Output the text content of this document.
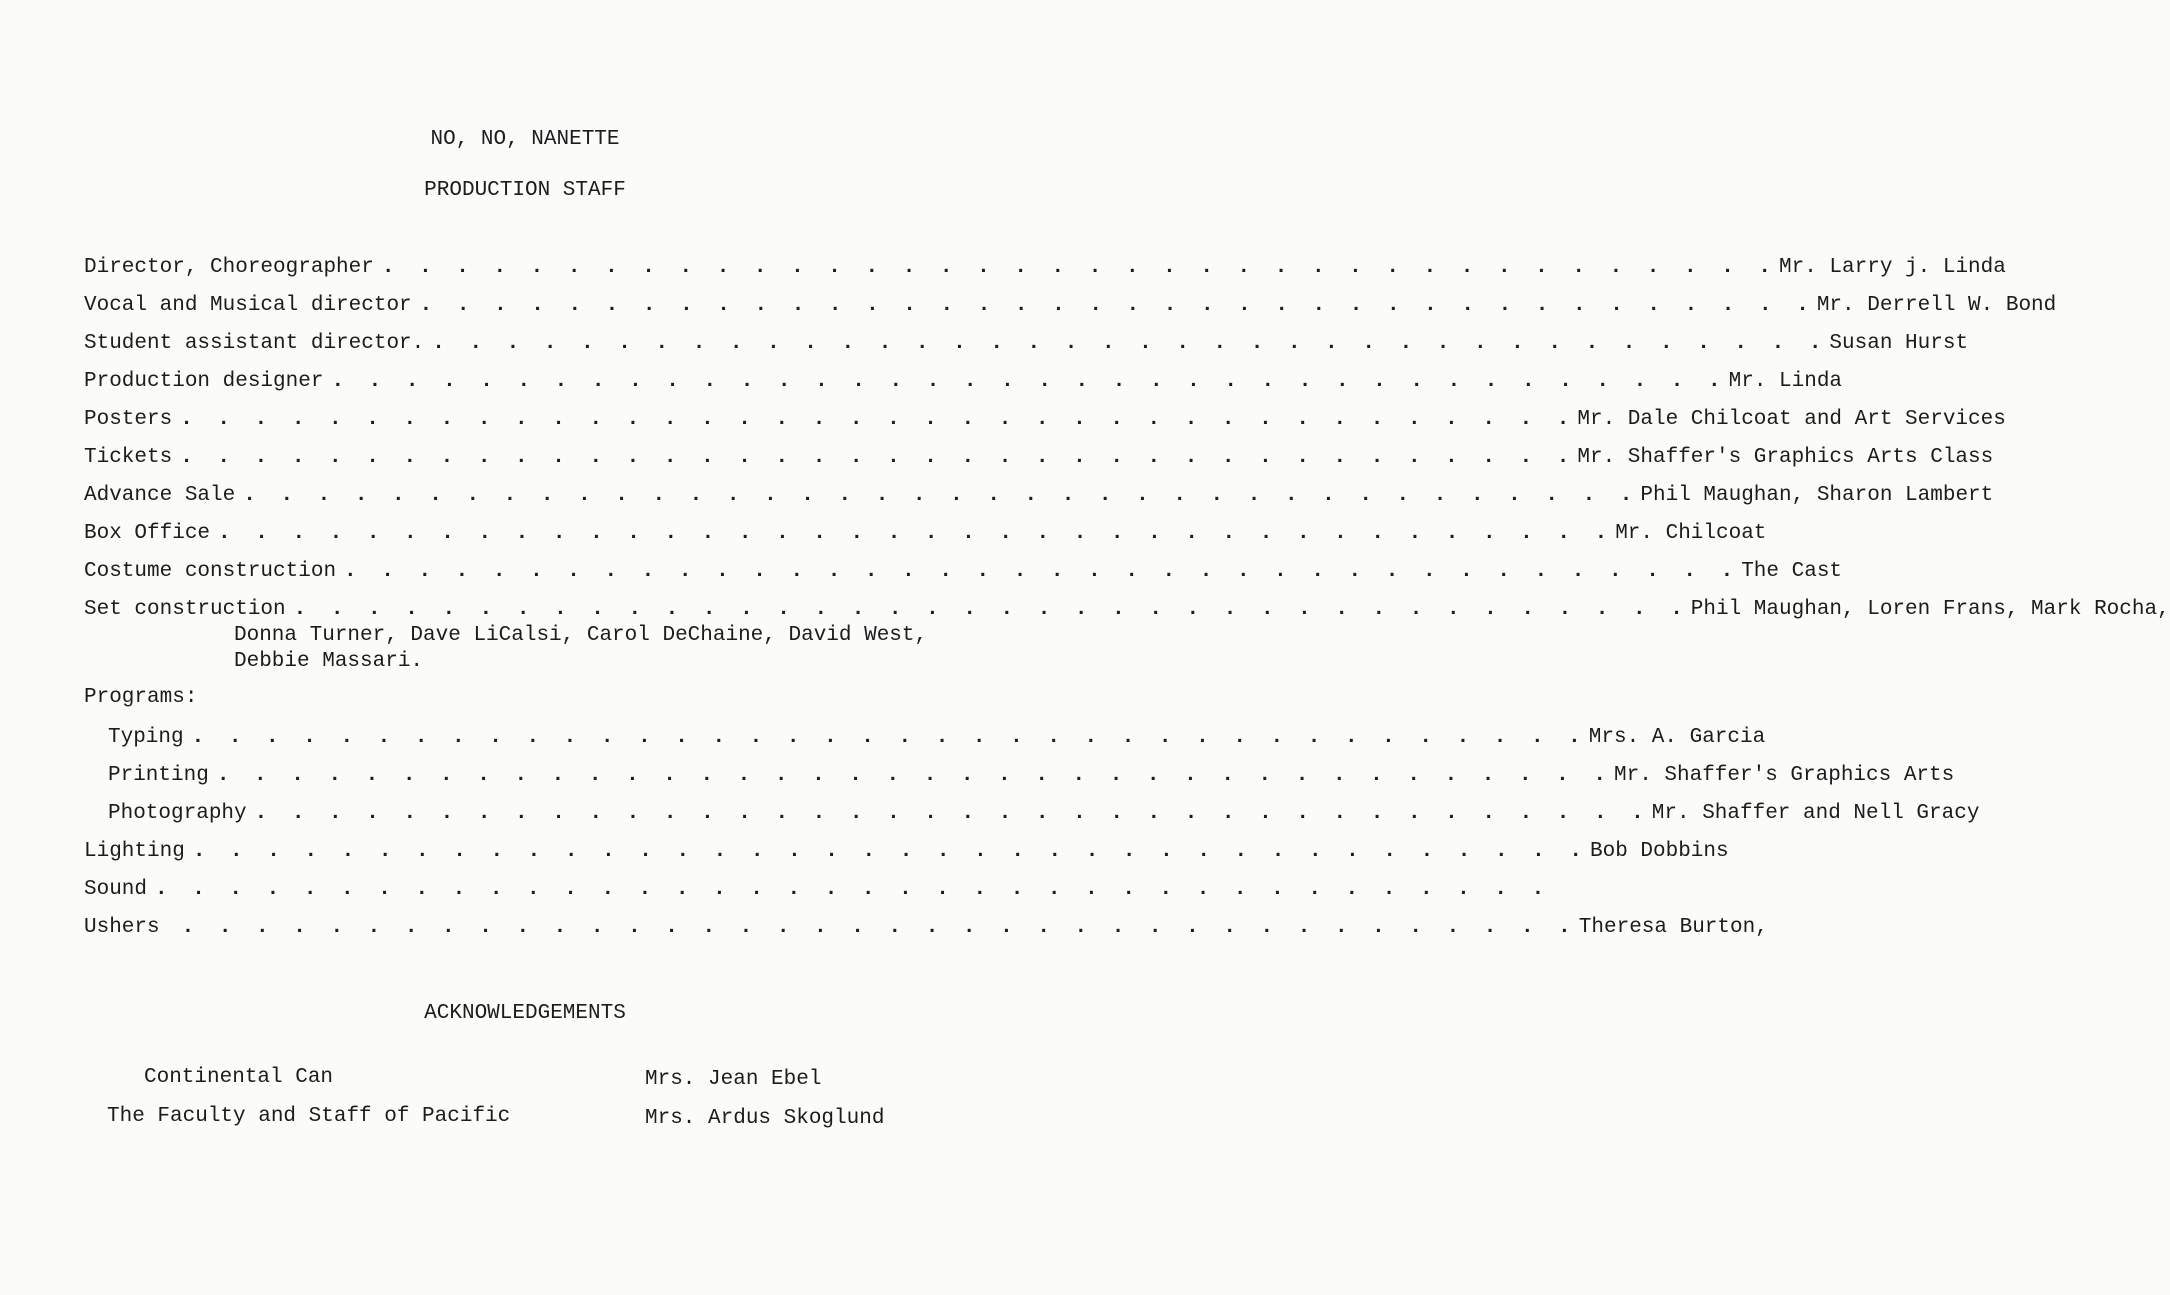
NO, NO, NANETTE
PRODUCTION STAFF
Director, Choreographer . . . . . . . . . . . . . . . . . . . . . . . . . . . . . . . . . . . . . . Mr. Larry j. Linda
Vocal and Musical director . . . . . . . . . . . . . . . . . . . . . . . . . . . . . . . . . . . . . . Mr. Derrell W. Bond
Student assistant director. . . . . . . . . . . . . . . . . . . . . . . . . . . . . . . . . . . . . . . Susan Hurst
Production designer . . . . . . . . . . . . . . . . . . . . . . . . . . . . . . . . . . . . . . Mr. Linda
Posters . . . . . . . . . . . . . . . . . . . . . . . . . . . . . . . . . . . . . . Mr. Dale Chilcoat and Art Services
Tickets . . . . . . . . . . . . . . . . . . . . . . . . . . . . . . . . . . . . . . Mr. Shaffer's Graphics Arts Class
Advance Sale . . . . . . . . . . . . . . . . . . . . . . . . . . . . . . . . . . . . . . Phil Maughan, Sharon Lambert
Box Office . . . . . . . . . . . . . . . . . . . . . . . . . . . . . . . . . . . . . . Mr. Chilcoat
Costume construction . . . . . . . . . . . . . . . . . . . . . . . . . . . . . . . . . . . . . . The Cast
Set construction . . . . . . . . . . . . . . . . . . . . . . . . . . . . . . . . . . . . . . Phil Maughan, Loren Frans, Mark Rocha,
Donna Turner, Dave LiCalsi, Carol DeChaine, David West,
Debbie Massari.
Programs:
Typing . . . . . . . . . . . . . . . . . . . . . . . . . . . . . . . . . . . . . . Mrs. A. Garcia
Printing . . . . . . . . . . . . . . . . . . . . . . . . . . . . . . . . . . . . . . Mr. Shaffer's Graphics Arts
Photography . . . . . . . . . . . . . . . . . . . . . . . . . . . . . . . . . . . . . . Mr. Shaffer and Nell Gracy
Lighting . . . . . . . . . . . . . . . . . . . . . . . . . . . . . . . . . . . . . . Bob Dobbins
Sound . . . . . . . . . . . . . . . . . . . . . . . . . . . . . . . . . . . . . .
Ushers	. . . . . . . . . . . . . . . . . . . . . . . . . . . . . . . . . . . . . . Theresa Burton,
ACKNOWLEDGEMENTS
Continental Can
The Faculty and Staff of Pacific
Mrs. Jean Ebel
Mrs. Ardus Skoglund
